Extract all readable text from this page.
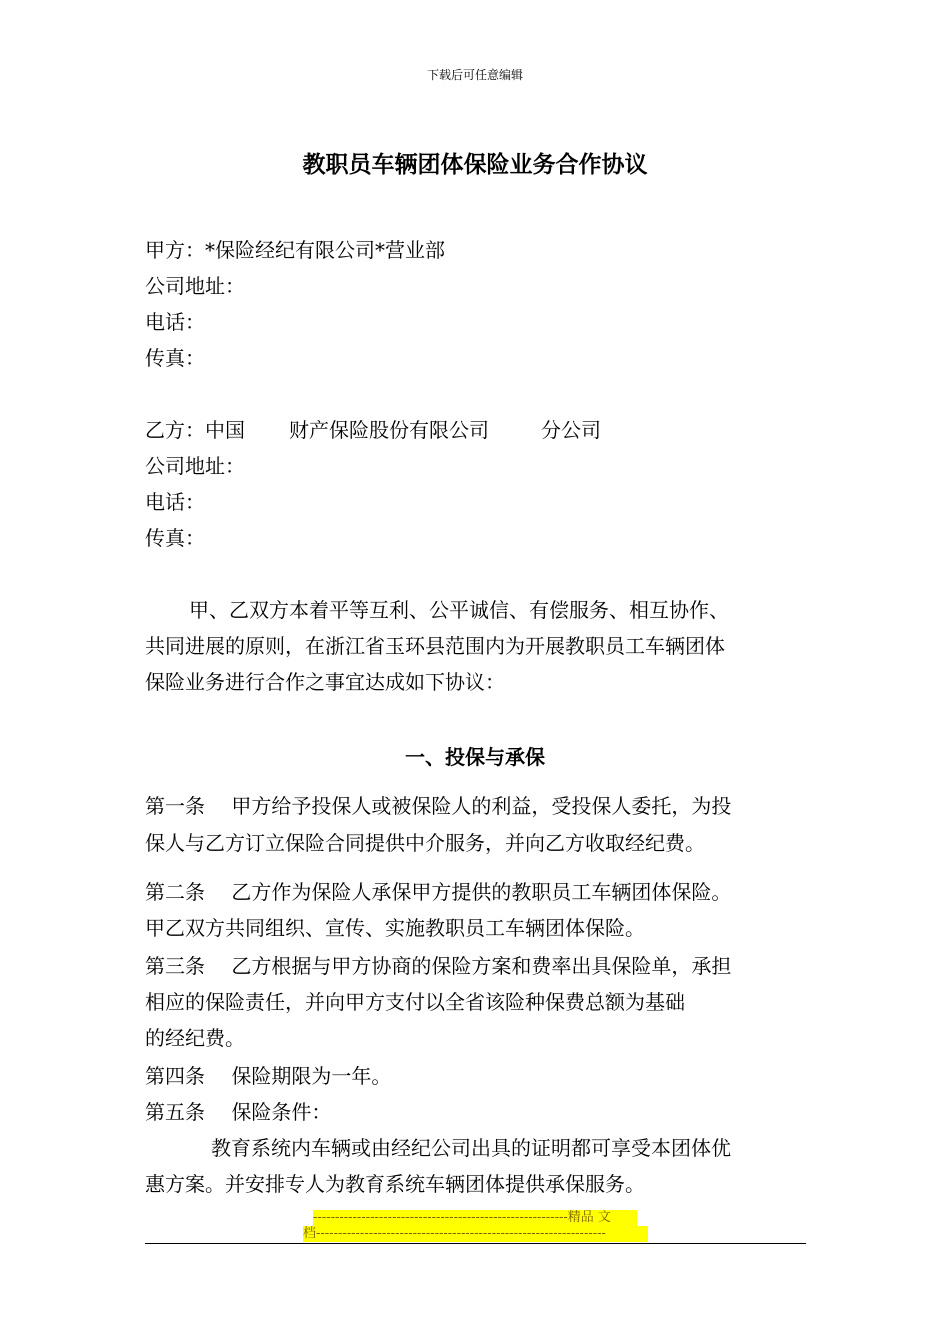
下载后可任意编辑
教职员车辆团体保险业务合作协议
甲方：*保险经纪有限公司*营业部
公司地址：
电话：
传真：
乙方：中国 财产保险股份有限公司	分公司
公司地址：
电话：
传真：
甲、乙双方本着平等互利、公平诚信、有偿服务、相互协作、
共同进展的原则，在浙江省玉环县范围内为开展教职员工车辆团体
保险业务进行合作之事宜达成如下协议：
一、投保与承保
第一条　 甲方给予投保人或被保险人的利益，受投保人委托，为投
保人与乙方订立保险合同提供中介服务，并向乙方收取经纪费。
第二条　 乙方作为保险人承保甲方提供的教职员工车辆团体保险。
甲乙双方共同组织、宣传、实施教职员工车辆团体保险。
第三条　 乙方根据与甲方协商的保险方案和费率出具保险单，承担
相应的保险责任，并向甲方支付以全省该险种保费总额为基础
的经纪费。
第四条　 保险期限为一年。
第五条　 保险条件：
教育系统内车辆或由经纪公司出具的证明都可享受本团体优
惠方案。并安排专人为教育系统车辆团体提供承保服务。
----------------------------------------------------------精品 文
档------------------------------------------------------------------
